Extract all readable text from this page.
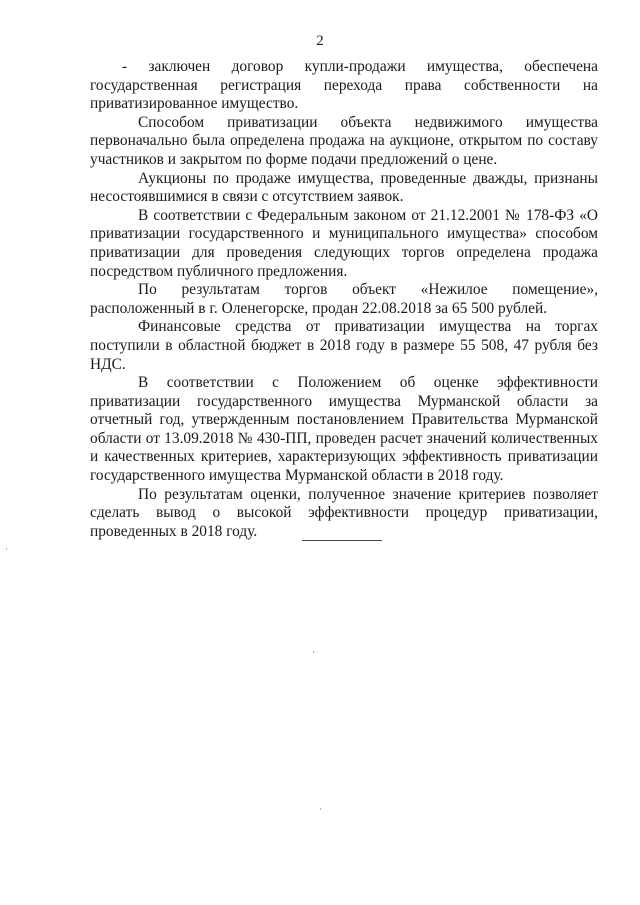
2

- заключен договор купли-продажи имущества, обеспечена государственная регистрация перехода права собственности на приватизированное имущество.

Способом приватизации объекта недвижимого имущества первоначально была определена продажа на аукционе, открытом по составу участников и закрытом по форме подачи предложений о цене.

Аукционы по продаже имущества, проведенные дважды, признаны несостоявшимися в связи с отсутствием заявок.

В соответствии с Федеральным законом от 21.12.2001 № 178-ФЗ «О приватизации государственного и муниципального имущества» способом приватизации для проведения следующих торгов определена продажа посредством публичного предложения.

По результатам торгов объект «Нежилое помещение», расположенный в г. Оленегорске, продан 22.08.2018 за 65 500 рублей.

Финансовые средства от приватизации имущества на торгах поступили в областной бюджет в 2018 году в размере 55 508, 47 рубля без НДС.

В соответствии с Положением об оценке эффективности приватизации государственного имущества Мурманской области за отчетный год, утвержденным постановлением Правительства Мурманской области от 13.09.2018 № 430-ПП, проведен расчет значений количественных и качественных критериев, характеризующих эффективность приватизации государственного имущества Мурманской области в 2018 году.

По результатам оценки, полученное значение критериев позволяет сделать вывод о высокой эффективности процедур приватизации, проведенных в 2018 году.
